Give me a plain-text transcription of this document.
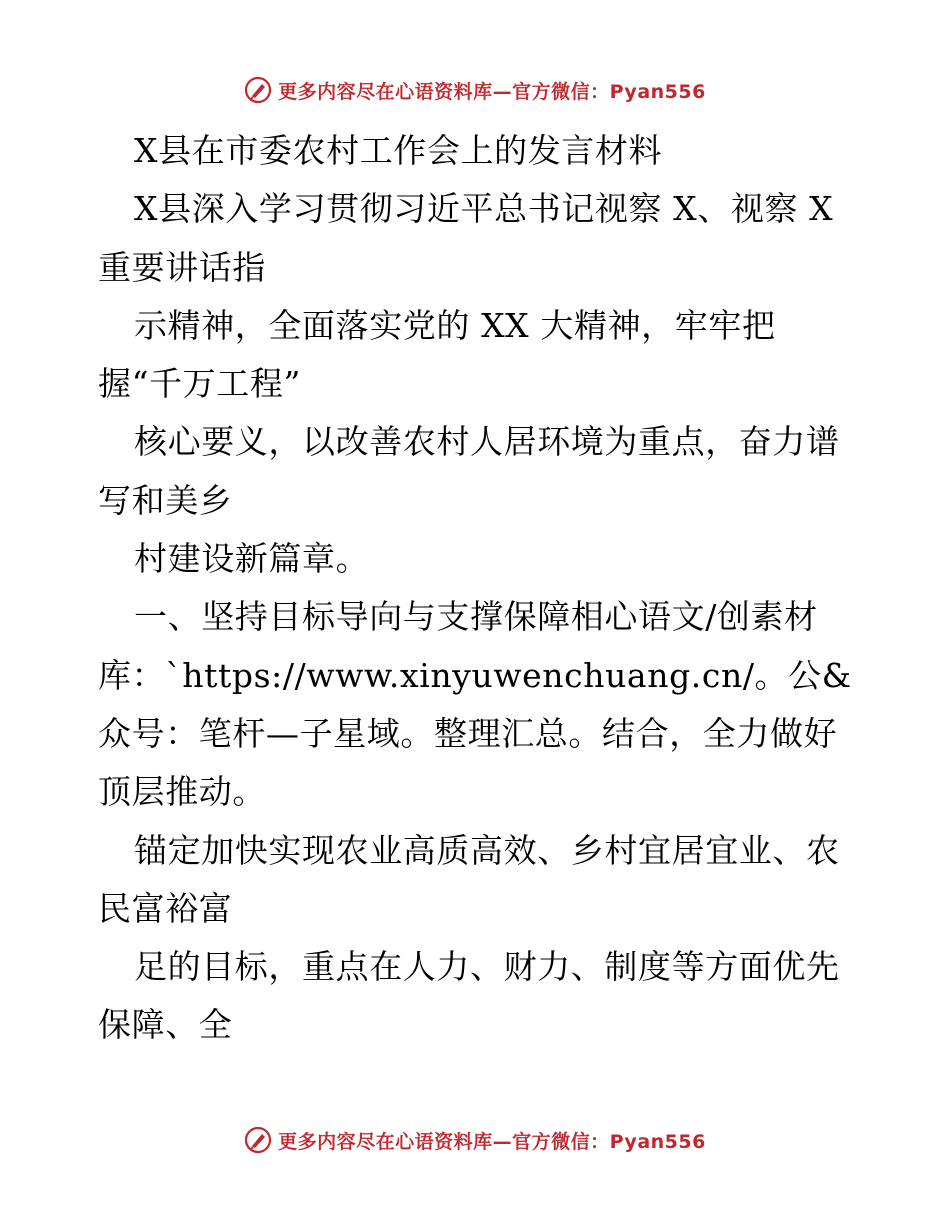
更多内容尽在心语资料库—官方微信：Pyan556

X县在市委农村工作会上的发言材料

X县深入学习贯彻习近平总书记视察 X、视察 X 重要讲话指

示精神，全面落实党的 XX 大精神，牢牢把 握“千万工程”

核心要义，以改善农村人居环境为重点，奋力谱写和美乡

村建设新篇章。

一、坚持目标导向与支撑保障相心语文/创素材库：`https://www.xinyuwenchuang.cn/。公&众号：笔杆—子星域。整理汇总。结合，全力做好顶层推动。

锚定加快实现农业高质高效、乡村宜居宜业、农民富裕富

足的目标，重点在人力、财力、制度等方面优先保障、全

更多内容尽在心语资料库—官方微信：Pyan556
